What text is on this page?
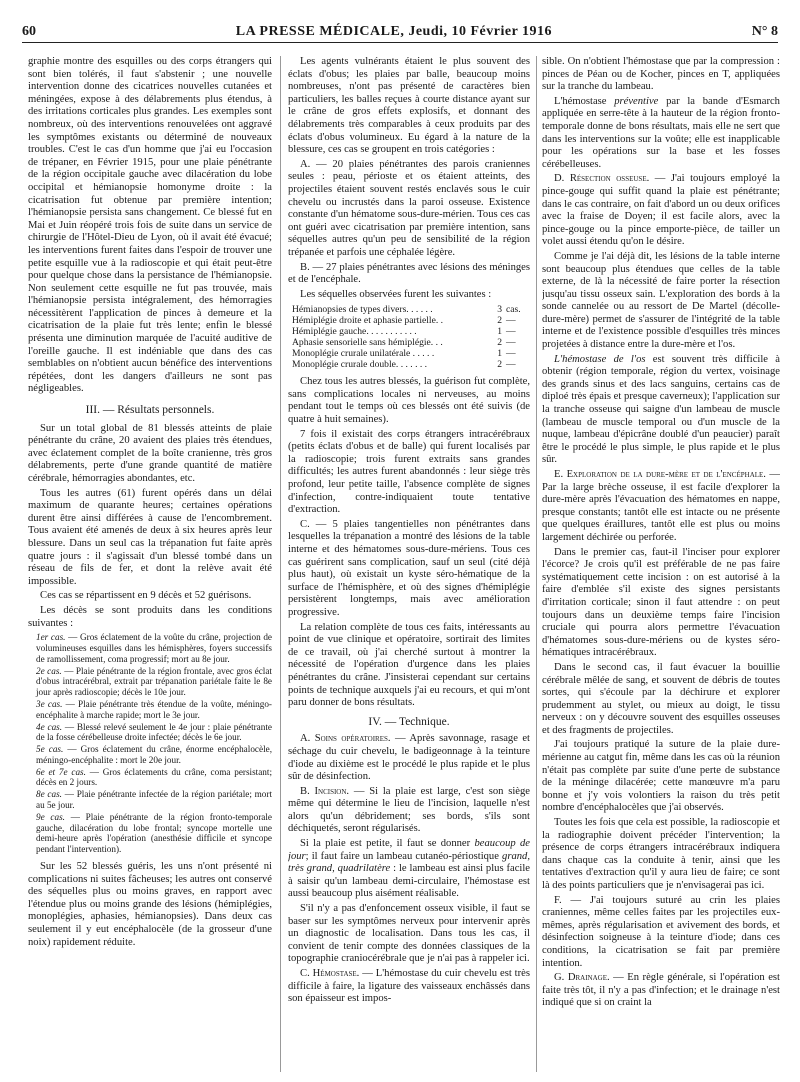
60	LA PRESSE MÉDICALE, Jeudi, 10 Février 1916	N° 8

graphie montre des esquilles ou des corps étrangers qui sont bien tolérés, il faut s'abstenir ; une nouvelle intervention donne des cicatrices nouvelles cutanées et méningées, expose à des délabrements plus étendus, à des irritations corticales plus grandes. Les exemples sont nombreux, où des interventions renouvelées ont aggravé les symptômes existants ou déterminé de nouveaux troubles. C'est le cas d'un homme que j'ai eu l'occasion de trépaner, en Février 1915, pour une plaie pénétrante de la région occipitale gauche avec dilacération du lobe occipital et hémianopsie homonyme droite : la cicatrisation fut obtenue par première intention; l'hémianopsie persista sans changement. Ce blessé fut en Mai et Juin réopéré trois fois de suite dans un service de chirurgie de l'Hôtel-Dieu de Lyon, où il avait été évacué; les interventions furent faites dans l'espoir de trouver une petite esquille vue à la radioscopie et qui était peut-être pour quelque chose dans la persistance de l'hémianopsie. Non seulement cette esquille ne fut pas trouvée, mais l'hémianopsie persista intégralement, des hémorragies nécessitèrent l'application de pinces à demeure et la cicatrisation de la plaie fut très lente; enfin le blessé présenta une diminution marquée de l'acuité auditive de l'oreille gauche. Il est indéniable que dans des cas semblables on n'obtient aucun bénéfice des interventions répétées, dont les dangers d'ailleurs ne sont pas négligeables.

III. — Résultats personnels.

Sur un total global de 81 blessés atteints de plaie pénétrante du crâne, 20 avaient des plaies très étendues, avec éclatement complet de la boîte cranienne, très gros délabrements, perte d'une grande quantité de matière cérébrale, hémorragies abondantes, etc.

Tous les autres (61) furent opérés dans un délai maximum de quarante heures; certaines opérations durent être ainsi différées à cause de l'encombrement. Tous avaient été amenés de deux à six heures après leur blessure. Dans un seul cas la trépanation fut faite après quatre jours : il s'agissait d'un blessé tombé dans un réseau de fils de fer, et dont la relève avait été impossible.

Ces cas se répartissent en 9 décès et 52 guérisons.

Les décès se sont produits dans les conditions suivantes :

1er cas. — Gros éclatement de la voûte du crâne, projection de volumineuses esquilles dans les hémisphères, foyers successifs de ramollissement, coma progressif; mort au 8e jour.

2e cas. — Plaie pénétrante de la région frontale, avec gros éclat d'obus intracérébral, extrait par trépanation pariétale faite le 8e jour après radioscopie; décès le 10e jour.

3e cas. — Plaie pénétrante très étendue de la voûte, méningo-encéphalite à marche rapide; mort le 3e jour.

4e cas. — Blessé relevé seulement le 4e jour : plaie pénétrante de la fosse cérébelleuse droite infectée; décès le 6e jour.

5e cas. — Gros éclatement du crâne, énorme encéphalocèle, méningo-encéphalite : mort le 20e jour.

6e et 7e cas. — Gros éclatements du crâne, coma persistant; décès en 2 jours.

8e cas. — Plaie pénétrante infectée de la région pariétale; mort au 5e jour.

9e cas. — Plaie pénétrante de la région fronto-temporale gauche, dilacération du lobe frontal; syncope mortelle une demi-heure après l'opération (anesthésie difficile et syncope pendant l'intervention).

Sur les 52 blessés guéris, les uns n'ont présenté ni complications ni suites fâcheuses; les autres ont conservé des séquelles plus ou moins graves, en rapport avec l'étendue plus ou moins grande des lésions (hémiplégies, monoplégies, aphasies, hémianopsies). Dans deux cas seulement il y eut encéphalocèle (de la grosseur d'une noix) rapidement réduite.

Les agents vulnérants étaient le plus souvent des éclats d'obus; les plaies par balle, beaucoup moins nombreuses, n'ont pas présenté de caractères bien particuliers, les balles reçues à courte distance ayant sur le crâne de gros effets explosifs, et donnant des délabrements très comparables à ceux produits par des éclats d'obus volumineux. Eu égard à la nature de la blessure, ces cas se groupent en trois catégories :

A. — 20 plaies pénétrantes des parois craniennes seules : peau, périoste et os étaient atteints, des projectiles étaient souvent restés enclavés sous le cuir chevelu ou incrustés dans la paroi osseuse. Existence constante d'un hématome sous-dure-mérien. Tous ces cas ont guéri avec cicatrisation par première intention, sans séquelles autres qu'un peu de sensibilité de la région trépanée et parfois une céphalée légère.

B. — 27 plaies pénétrantes avec lésions des méninges et de l'encéphale.

Les séquelles observées furent les suivantes :

Hémianopsies de types divers. . . . . .	3	cas.
Hémiplégie droite et aphasie partielle. .	2	—
Hémiplégie gauche. . . . . . . . . . .	1	—
Aphasie sensorielle sans hémiplégie. . .	2	—
Monoplégie crurale unilatérale . . . . .	1	—
Monoplégie crurale double. . . . . . .	2	—

Chez tous les autres blessés, la guérison fut complète, sans complications locales ni nerveuses, au moins pendant tout le temps où ces blessés ont été suivis (de quatre à huit semaines).

7 fois il existait des corps étrangers intracérébraux (petits éclats d'obus et de balle) qui furent localisés par la radioscopie; trois furent extraits sans grandes difficultés; les autres furent abandonnés : leur siège très profond, leur petite taille, l'absence complète de signes d'infection, contre-indiquaient toute tentative d'extraction.

C. — 5 plaies tangentielles non pénétrantes dans lesquelles la trépanation a montré des lésions de la table interne et des hématomes sous-dure-mériens. Tous ces cas guérirent sans complication, sauf un seul (cité déjà plus haut), où existait un kyste séro-hématique de la surface de l'hémisphère, et où des signes d'hémiplégie persistèrent longtemps, mais avec amélioration progressive.

La relation complète de tous ces faits, intéressants au point de vue clinique et opératoire, sortirait des limites de ce travail, où j'ai cherché surtout à montrer la nécessité de l'opération d'urgence dans les plaies pénétrantes du crâne. J'insisterai cependant sur certains points de technique auxquels j'ai eu recours, et qui m'ont paru donner de bons résultats.

IV. — Technique.

A. Soins opératoires. — Après savonnage, rasage et séchage du cuir chevelu, le badigeonnage à la teinture d'iode au dixième est le procédé le plus rapide et le plus sûr de désinfection.

B. Incision. — Si la plaie est large, c'est son siège même qui détermine le lieu de l'incision, laquelle n'est alors qu'un débridement; ses bords, s'ils sont déchiquetés, seront régularisés.

Si la plaie est petite, il faut se donner beaucoup de jour; il faut faire un lambeau cutanéo-périostique grand, très grand, quadrilatère : le lambeau est ainsi plus facile à saisir qu'un lambeau demi-circulaire, l'hémostase est aussi beaucoup plus aisément réalisable.

S'il n'y a pas d'enfoncement osseux visible, il faut se baser sur les symptômes nerveux pour intervenir après un diagnostic de localisation. Dans tous les cas, il convient de tenir compte des données classiques de la topographie craniocérébrale que je n'ai pas à rappeler ici.

C. Hémostase. — L'hémostase du cuir chevelu est très difficile à faire, la ligature des vaisseaux enchâssés dans son épaisseur est impos-

sible. On n'obtient l'hémostase que par la compression : pinces de Péan ou de Kocher, pinces en T, appliquées sur la tranche du lambeau.

L'hémostase préventive par la bande d'Esmarch appliquée en serre-tête à la hauteur de la région fronto-temporale donne de bons résultats, mais elle ne sert que dans les interventions sur la voûte; elle est inapplicable pour les opérations sur la base et les fosses cérébelleuses.

D. Résection osseuse. — J'ai toujours employé la pince-gouge qui suffit quand la plaie est pénétrante; dans le cas contraire, on fait d'abord un ou deux orifices avec la fraise de Doyen; il est facile alors, avec la pince-gouge ou la pince emporte-pièce, de tailler un volet aussi étendu qu'on le désire.

Comme je l'ai déjà dit, les lésions de la table interne sont beaucoup plus étendues que celles de la table externe, de là la nécessité de faire porter la résection jusqu'au tissu osseux sain. L'exploration des bords à la sonde cannelée ou au ressort de De Martel (décolle-dure-mère) permet de s'assurer de l'intégrité de la table interne et de l'existence possible d'esquilles très minces projetées à distance entre la dure-mère et l'os.

L'hémostase de l'os est souvent très difficile à obtenir (région temporale, région du vertex, voisinage des grands sinus et des lacs sanguins, certains cas de diploé très épais et presque caverneux); l'application sur la tranche osseuse qui saigne d'un lambeau de muscle (lambeau de muscle temporal ou d'un muscle de la nuque, lambeau d'épicrâne doublé d'un peaucier) paraît être le procédé le plus simple, le plus rapide et le plus sûr.

E. Exploration de la dure-mère et de l'encéphale. — Par la large brèche osseuse, il est facile d'explorer la dure-mère après l'évacuation des hématomes en nappe, presque constants; tantôt elle est intacte ou ne présente que quelques éraillures, tantôt elle est plus ou moins largement déchirée ou perforée.

Dans le premier cas, faut-il l'inciser pour explorer l'écorce? Je crois qu'il est préférable de ne pas faire systématiquement cette incision : on est autorisé à la faire d'emblée s'il existe des signes persistants d'irritation corticale; sinon il faut attendre : on peut toujours dans un deuxième temps faire l'incision cruciale qui pourra alors permettre l'évacuation d'hématomes sous-dure-mériens ou de kystes séro-hématiques intracérébraux.

Dans le second cas, il faut évacuer la bouillie cérébrale mêlée de sang, et souvent de débris de toutes sortes, qui s'écoule par la déchirure et explorer prudemment au stylet, ou mieux au doigt, le tissu nerveux : on y découvre souvent des esquilles osseuses et des fragments de projectiles.

J'ai toujours pratiqué la suture de la plaie dure-mérienne au catgut fin, même dans les cas où la réunion n'était pas complète par suite d'une perte de substance de la méninge dilacérée; cette manœuvre m'a paru bonne et j'y vois volontiers la raison du très petit nombre d'encéphalocèles que j'ai observés.

Toutes les fois que cela est possible, la radioscopie et la radiographie doivent précéder l'intervention; la présence de corps étrangers intracérébraux indiquera dans chaque cas la conduite à tenir, ainsi que les tentatives d'extraction qu'il y aura lieu de faire; ce sont là des points particuliers que je n'envisagerai pas ici.

F. — J'ai toujours suturé au crin les plaies craniennes, même celles faites par les projectiles eux-mêmes, après régularisation et avivement des bords, et désinfection soigneuse à la teinture d'iode; dans ces conditions, la cicatrisation se fait par première intention.

G. Drainage. — En règle générale, si l'opération est faite très tôt, il n'y a pas d'infection; et le drainage n'est indiqué que si on craint la
